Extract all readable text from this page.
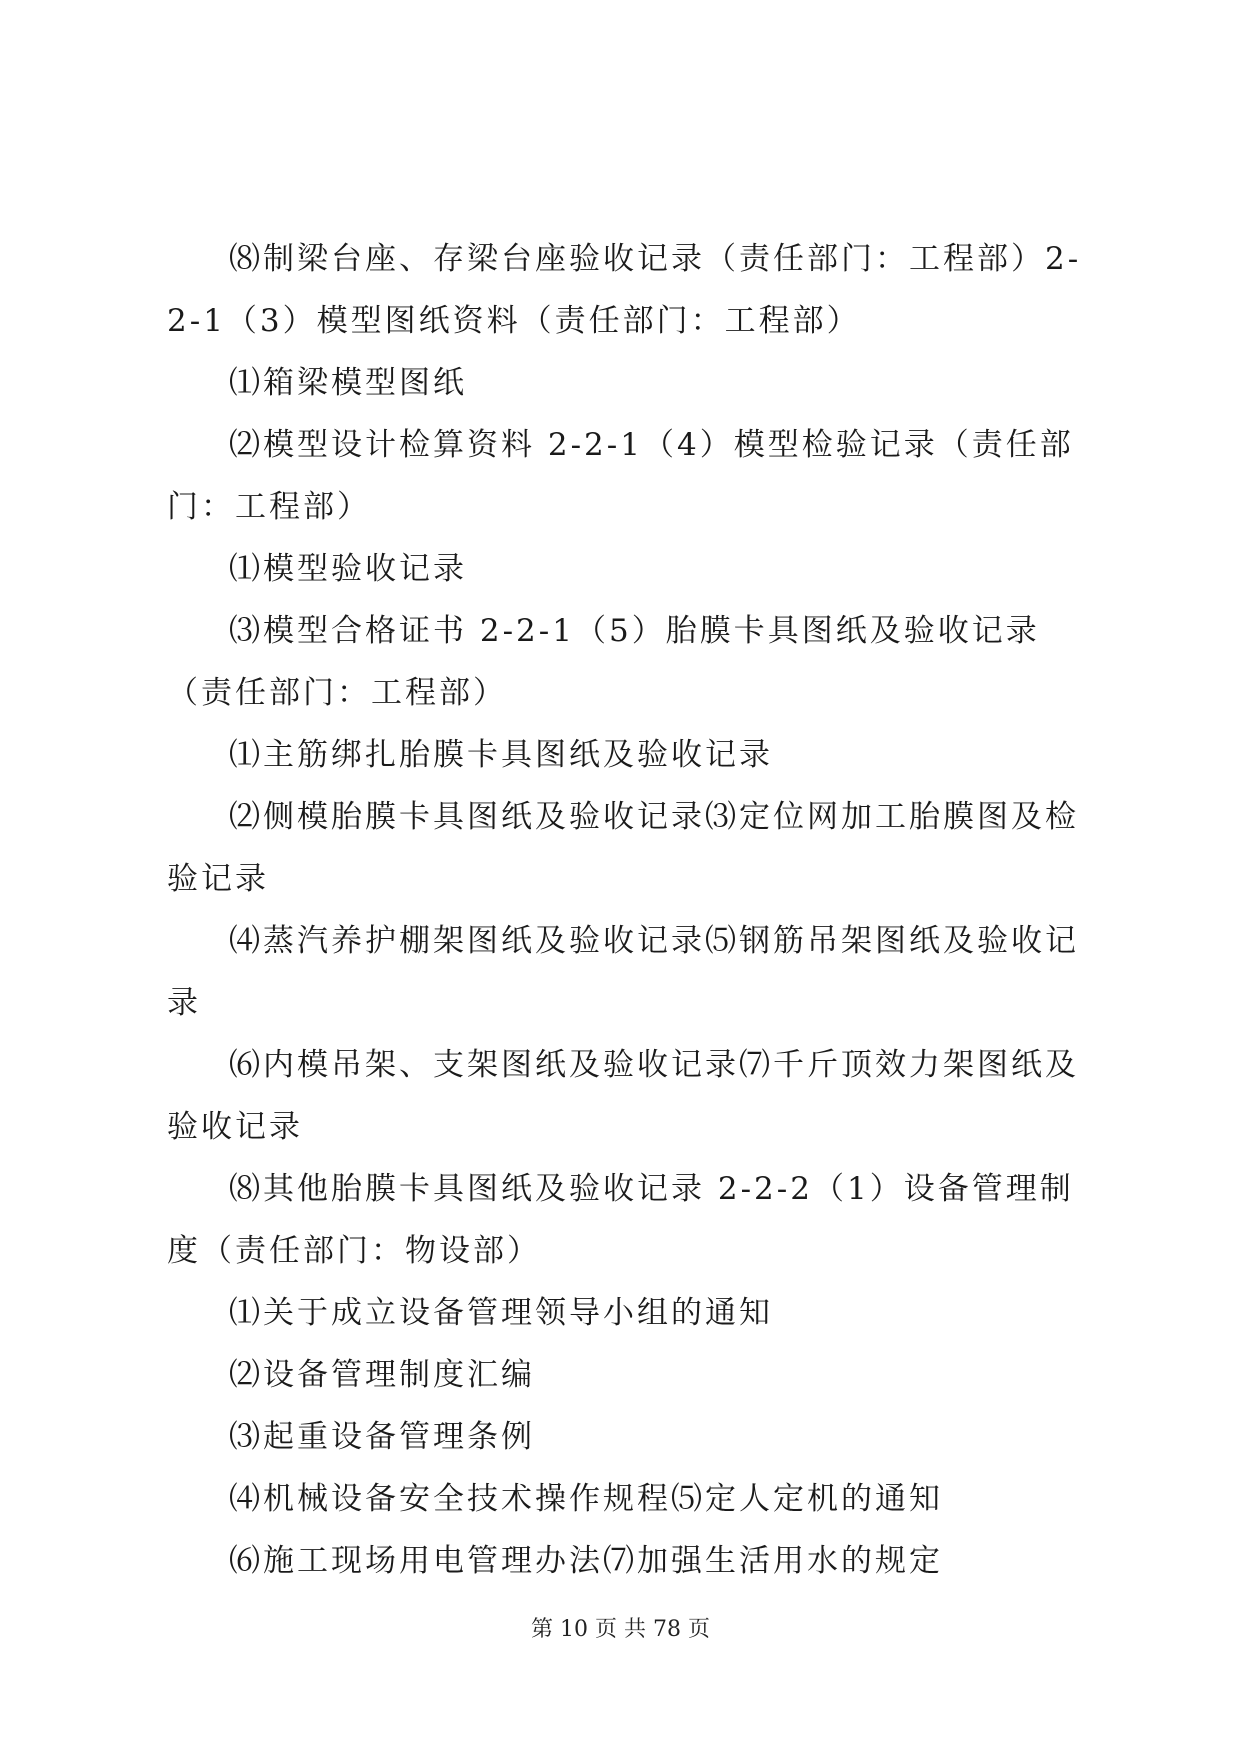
⑻制梁台座、存梁台座验收记录（责任部门：工程部）2-2-1（3）模型图纸资料（责任部门：工程部）

⑴箱梁模型图纸

⑵模型设计检算资料 2-2-1（4）模型检验记录（责任部门：工程部）

⑴模型验收记录

⑶模型合格证书 2-2-1（5）胎膜卡具图纸及验收记录（责任部门：工程部）

⑴主筋绑扎胎膜卡具图纸及验收记录

⑵侧模胎膜卡具图纸及验收记录⑶定位网加工胎膜图及检验记录

⑷蒸汽养护棚架图纸及验收记录⑸钢筋吊架图纸及验收记录

⑹内模吊架、支架图纸及验收记录⑺千斤顶效力架图纸及验收记录

⑻其他胎膜卡具图纸及验收记录 2-2-2（1）设备管理制度（责任部门：物设部）

⑴关于成立设备管理领导小组的通知

⑵设备管理制度汇编

⑶起重设备管理条例

⑷机械设备安全技术操作规程⑸定人定机的通知

⑹施工现场用电管理办法⑺加强生活用水的规定

第 10 页 共 78 页
